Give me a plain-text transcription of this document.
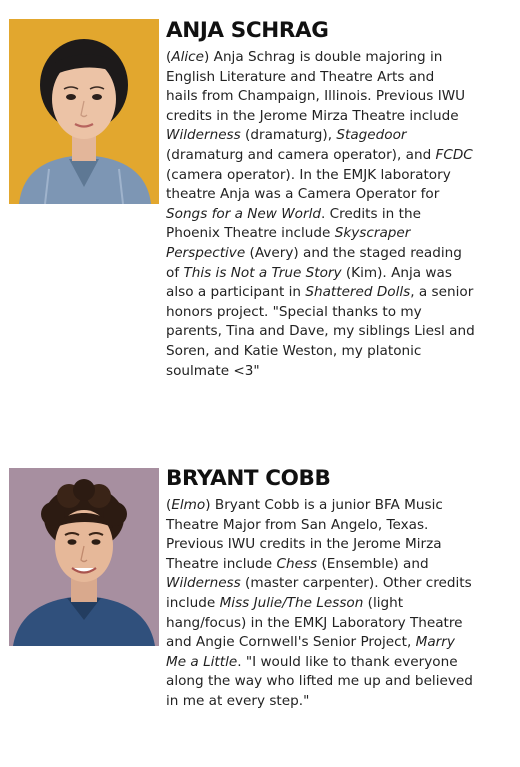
ANJA SCHRAG
(Alice) Anja Schrag is double majoring in
English Literature and Theatre Arts and
hails from Champaign, Illinois. Previous IWU
credits in the Jerome Mirza Theatre include
Wilderness (dramaturg), Stagedoor
(dramaturg and camera operator), and FCDC
(camera operator). In the EMJK laboratory
theatre Anja was a Camera Operator for
Songs for a New World. Credits in the
Phoenix Theatre include Skyscraper
Perspective (Avery) and the staged reading
of This is Not a True Story (Kim). Anja was
also a participant in Shattered Dolls, a senior
honors project. "Special thanks to my
parents, Tina and Dave, my siblings Liesl and
Soren, and Katie Weston, my platonic
soulmate <3"
BRYANT COBB
(Elmo) Bryant Cobb is a junior BFA Music
Theatre Major from San Angelo, Texas.
Previous IWU credits in the Jerome Mirza
Theatre include Chess (Ensemble) and
Wilderness (master carpenter). Other credits
include Miss Julie/The Lesson (light
hang/focus) in the EMKJ Laboratory Theatre
and Angie Cornwell's Senior Project, Marry
Me a Little. "I would like to thank everyone
along the way who lifted me up and believed
in me at every step."
